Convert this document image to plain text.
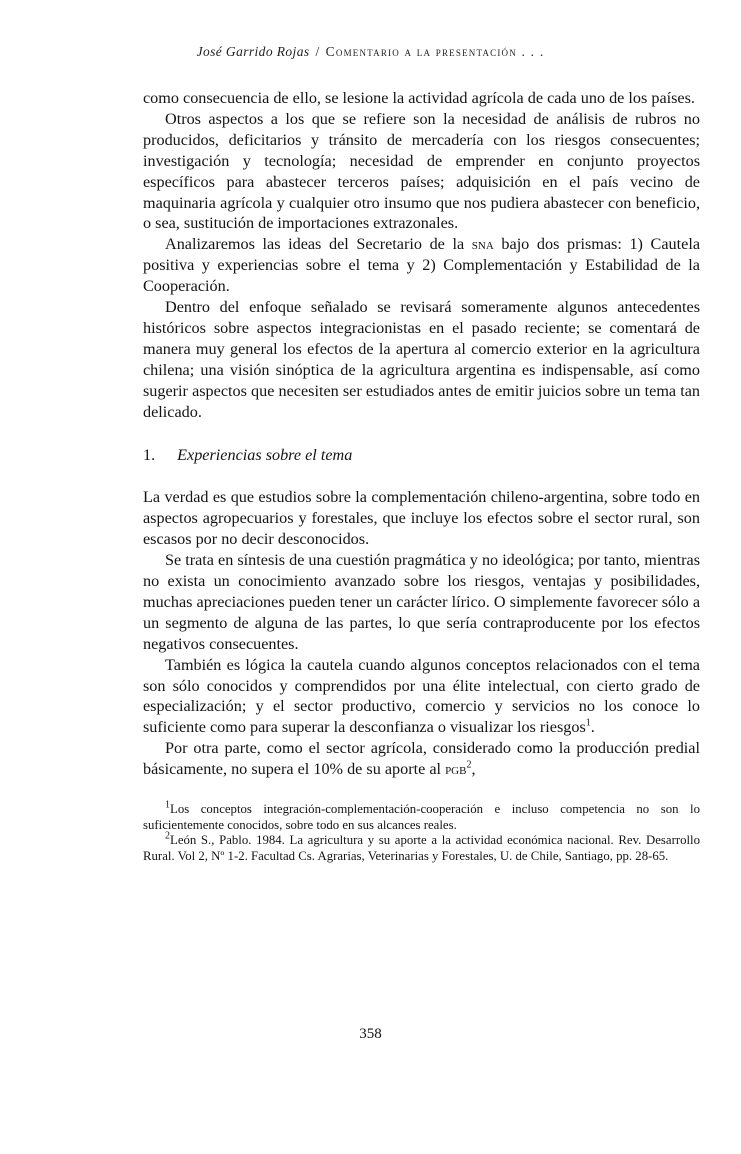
José Garrido Rojas / Comentario a la presentación . . .

como consecuencia de ello, se lesione la actividad agrícola de cada uno de los países.

Otros aspectos a los que se refiere son la necesidad de análisis de rubros no producidos, deficitarios y tránsito de mercadería con los riesgos consecuentes; investigación y tecnología; necesidad de emprender en conjunto proyectos específicos para abastecer terceros países; adquisición en el país vecino de maquinaria agrícola y cualquier otro insumo que nos pudiera abastecer con beneficio, o sea, sustitución de importaciones extrazonales.

Analizaremos las ideas del Secretario de la sna bajo dos prismas: 1) Cautela positiva y experiencias sobre el tema y 2) Complementación y Estabilidad de la Cooperación.

Dentro del enfoque señalado se revisará someramente algunos antecedentes históricos sobre aspectos integracionistas en el pasado reciente; se comentará de manera muy general los efectos de la apertura al comercio exterior en la agricultura chilena; una visión sinóptica de la agricultura argentina es indispensable, así como sugerir aspectos que necesiten ser estudiados antes de emitir juicios sobre un tema tan delicado.

1. Experiencias sobre el tema

La verdad es que estudios sobre la complementación chileno-argentina, sobre todo en aspectos agropecuarios y forestales, que incluye los efectos sobre el sector rural, son escasos por no decir desconocidos.

Se trata en síntesis de una cuestión pragmática y no ideológica; por tanto, mientras no exista un conocimiento avanzado sobre los riesgos, ventajas y posibilidades, muchas apreciaciones pueden tener un carácter lírico. O simplemente favorecer sólo a un segmento de alguna de las partes, lo que sería contraproducente por los efectos negativos consecuentes.

También es lógica la cautela cuando algunos conceptos relacionados con el tema son sólo conocidos y comprendidos por una élite intelectual, con cierto grado de especialización; y el sector productivo, comercio y servicios no los conoce lo suficiente como para superar la desconfianza o visualizar los riesgos$^1$.

Por otra parte, como el sector agrícola, considerado como la producción predial básicamente, no supera el 10% de su aporte al pgb$^2$,

$^1$Los conceptos integración-complementación-cooperación e incluso competencia no son lo suficientemente conocidos, sobre todo en sus alcances reales.

$^2$León S., Pablo. 1984. La agricultura y su aporte a la actividad económica nacional. Rev. Desarrollo Rural. Vol 2, Nº 1-2. Facultad Cs. Agrarias, Veterinarias y Forestales, U. de Chile, Santiago, pp. 28-65.

358
